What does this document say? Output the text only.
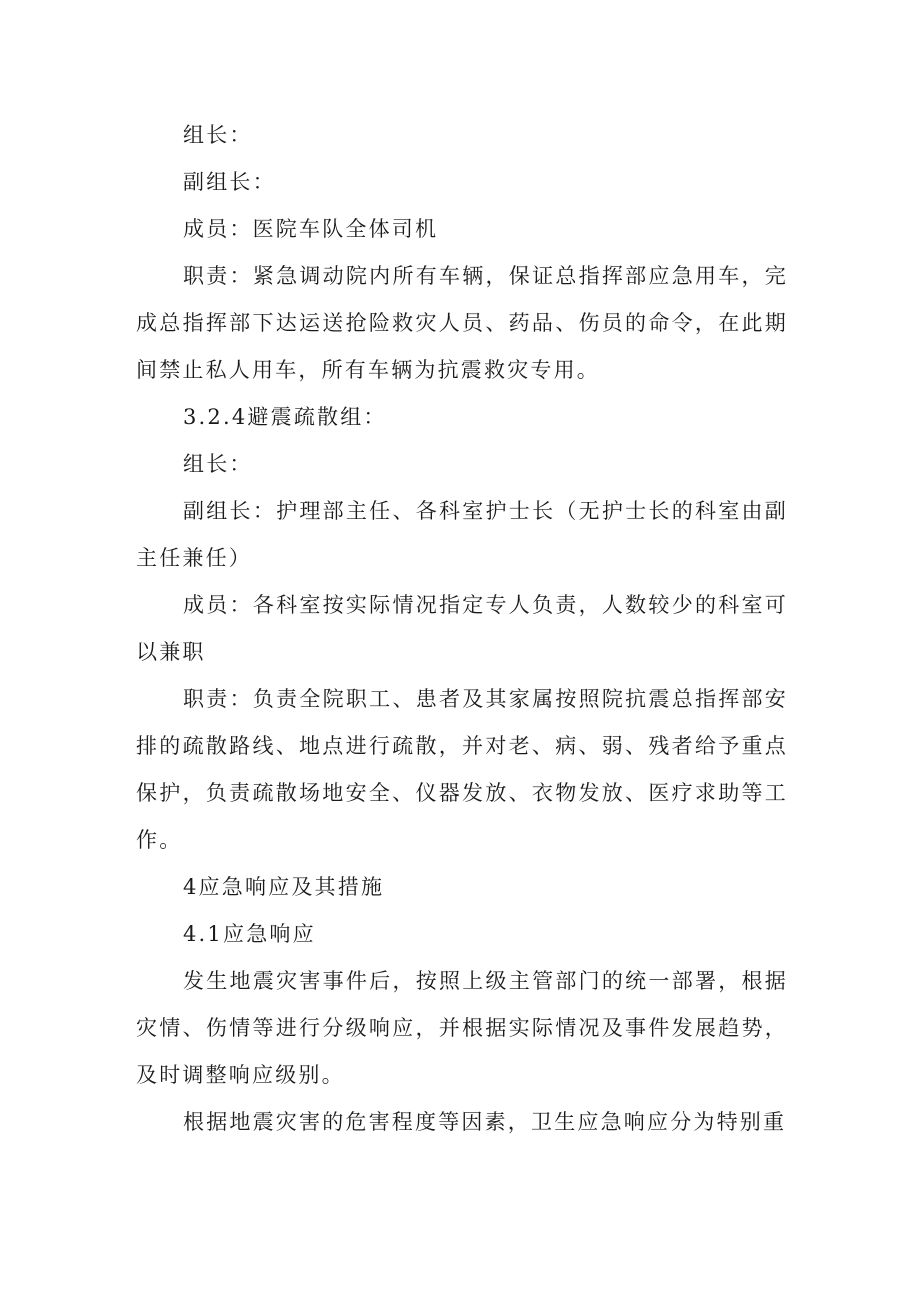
组长：

副组长：

成员：医院车队全体司机

职责：紧急调动院内所有车辆，保证总指挥部应急用车，完成总指挥部下达运送抢险救灾人员、药品、伤员的命令，在此期间禁止私人用车，所有车辆为抗震救灾专用。

3.2.4避震疏散组：

组长：

副组长：护理部主任、各科室护士长（无护士长的科室由副主任兼任）

成员：各科室按实际情况指定专人负责，人数较少的科室可以兼职

职责：负责全院职工、患者及其家属按照院抗震总指挥部安排的疏散路线、地点进行疏散，并对老、病、弱、残者给予重点保护，负责疏散场地安全、仪器发放、衣物发放、医疗求助等工作。

4应急响应及其措施

4.1应急响应

发生地震灾害事件后，按照上级主管部门的统一部署，根据灾情、伤情等进行分级响应，并根据实际情况及事件发展趋势，及时调整响应级别。

根据地震灾害的危害程度等因素，卫生应急响应分为特别重
